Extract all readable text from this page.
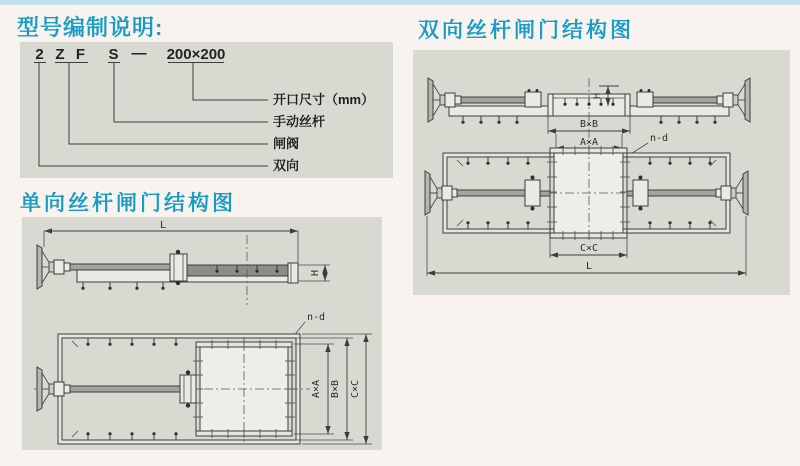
型号编制说明:	双向丝杆闸门结构图
单向丝杆闸门结构图
2 Z F S — 200×200
开口尺寸（mm）
手动丝杆
闸阀
双向
H
B×B
A×A	n-d
C×C
L
L
H
n-d
A×A B×B C×C
